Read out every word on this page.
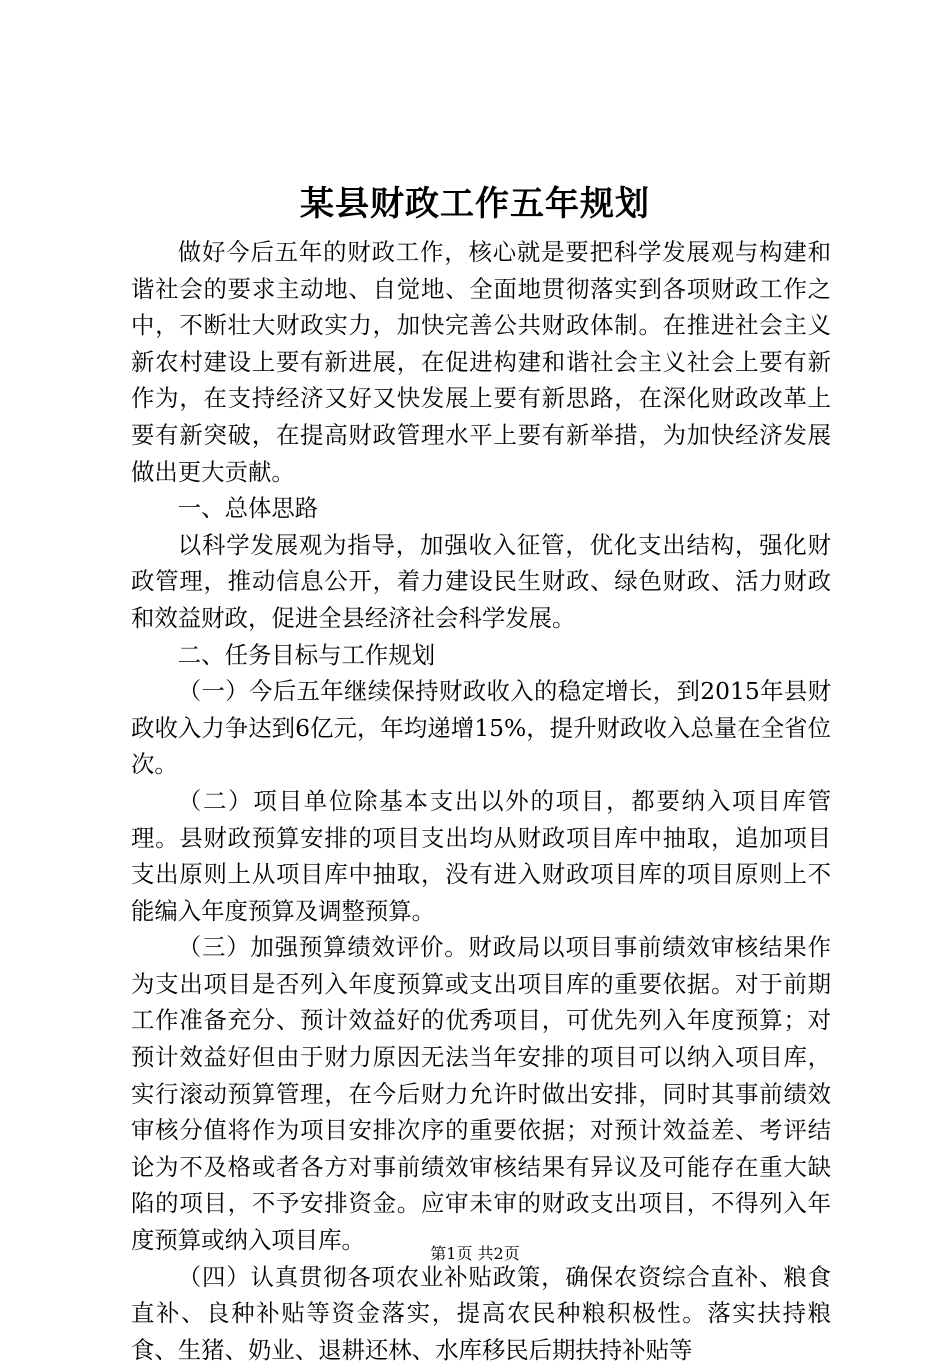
某县财政工作五年规划

做好今后五年的财政工作，核心就是要把科学发展观与构建和谐社会的要求主动地、自觉地、全面地贯彻落实到各项财政工作之中，不断壮大财政实力，加快完善公共财政体制。在推进社会主义新农村建设上要有新进展，在促进构建和谐社会主义社会上要有新作为，在支持经济又好又快发展上要有新思路，在深化财政改革上要有新突破，在提高财政管理水平上要有新举措，为加快经济发展做出更大贡献。

一、总体思路

以科学发展观为指导，加强收入征管，优化支出结构，强化财政管理，推动信息公开，着力建设民生财政、绿色财政、活力财政和效益财政，促进全县经济社会科学发展。

二、任务目标与工作规划

（一）今后五年继续保持财政收入的稳定增长，到2015年县财政收入力争达到6亿元，年均递增15%，提升财政收入总量在全省位次。

（二）项目单位除基本支出以外的项目，都要纳入项目库管理。县财政预算安排的项目支出均从财政项目库中抽取，追加项目支出原则上从项目库中抽取，没有进入财政项目库的项目原则上不能编入年度预算及调整预算。

（三）加强预算绩效评价。财政局以项目事前绩效审核结果作为支出项目是否列入年度预算或支出项目库的重要依据。对于前期工作准备充分、预计效益好的优秀项目，可优先列入年度预算；对预计效益好但由于财力原因无法当年安排的项目可以纳入项目库，实行滚动预算管理，在今后财力允许时做出安排，同时其事前绩效审核分值将作为项目安排次序的重要依据；对预计效益差、考评结论为不及格或者各方对事前绩效审核结果有异议及可能存在重大缺陷的项目，不予安排资金。应审未审的财政支出项目，不得列入年度预算或纳入项目库。

（四）认真贯彻各项农业补贴政策，确保农资综合直补、粮食直补、良种补贴等资金落实，提高农民种粮积极性。落实扶持粮食、生猪、奶业、退耕还林、水库移民后期扶持补贴等

第1页 共2页
